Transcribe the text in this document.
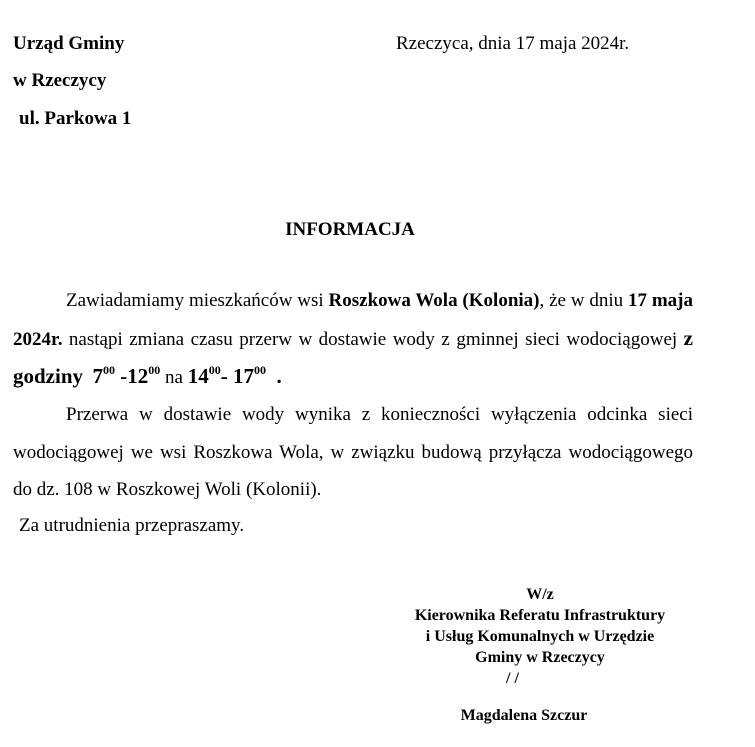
Urząd Gminy
w Rzeczycy
ul. Parkowa 1
Rzeczyca, dnia 17 maja 2024r.
INFORMACJA
Zawiadamiamy mieszkańców wsi Roszkowa Wola (Kolonia), że w dniu 17 maja 2024r. nastąpi zmiana czasu przerw w dostawie wody z gminnej sieci wodociągowej z godziny $7^{00}$ $-12^{00}$ na $14^{00}-$ $17^{00}$  .
Przerwa w dostawie wody wynika z konieczności wyłączenia odcinka sieci wodociągowej we wsi Roszkowa Wola, w związku budową przyłącza wodociągowego do dz. 108 w Roszkowej Woli (Kolonii).
Za utrudnienia przepraszamy.
W/z
Kierownika Referatu Infrastruktury
i Usług Komunalnych w Urzędzie
Gminy w Rzeczycy
/ /
Magdalena Szczur
